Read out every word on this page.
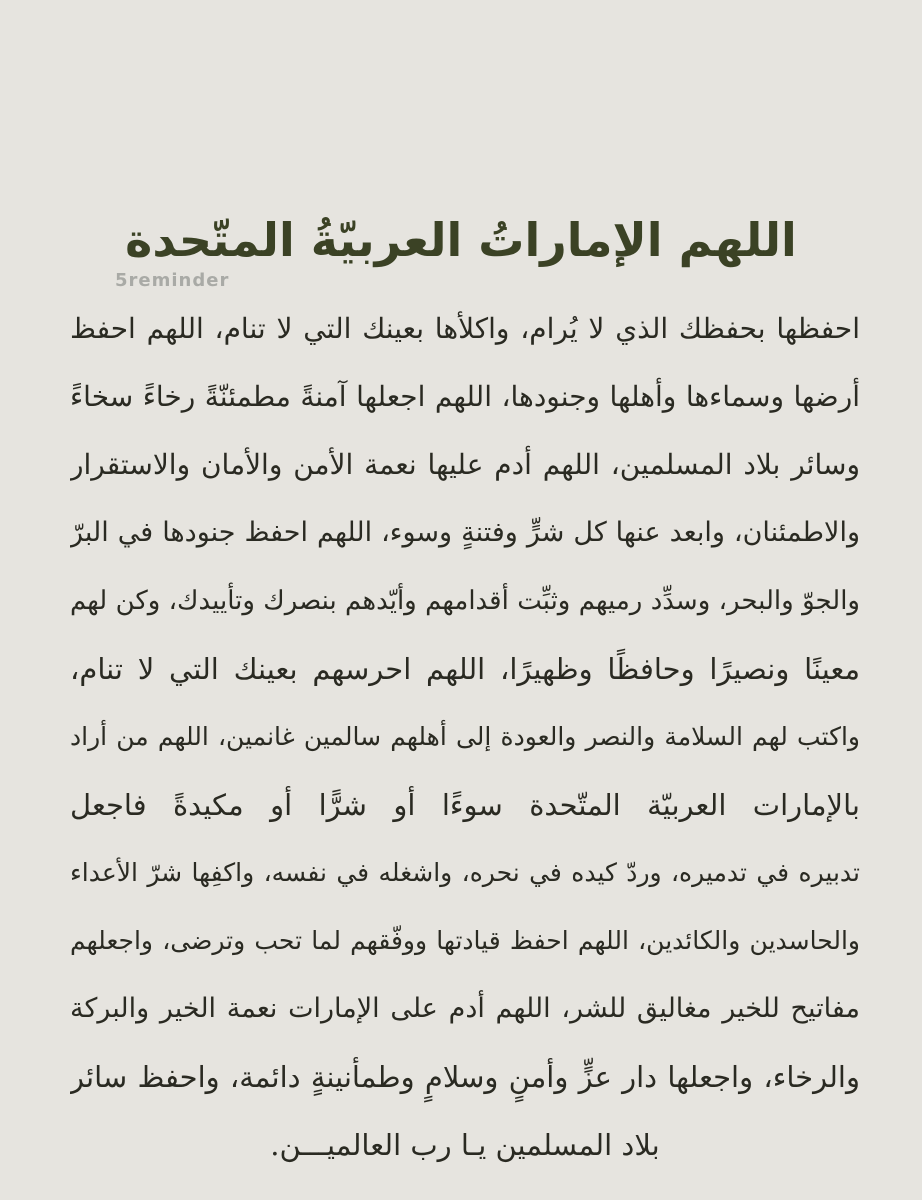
اللهم الإماراتُ العربيّةُ المتّحدة
5reminder
احفظها بحفظك الذي لا يُرام، واكلأها بعينك التي لا تنام، اللهم احفظ
أرضها وسماءها وأهلها وجنودها، اللهم اجعلها آمنةً مطمئنّةً رخاءً سخاءً
وسائر بلاد المسلمين، اللهم أدم عليها نعمة الأمن والأمان والاستقرار
والاطمئنان، وابعد عنها كل شرٍّ وفتنةٍ وسوء، اللهم احفظ جنودها في البرّ
والجوّ والبحر، وسدِّد رميهم وثبِّت أقدامهم وأيّدهم بنصرك وتأييدك، وكن لهم
معينًا ونصيرًا وحافظًا وظهيرًا، اللهم احرسهم بعينك التي لا تنام،
واكتب لهم السلامة والنصر والعودة إلى أهلهم سالمين غانمين، اللهم من أراد
بالإمارات العربيّة المتّحدة سوءًا أو شرًّا أو مكيدةً فاجعل
تدبيره في تدميره، وردّ كيده في نحره، واشغله في نفسه، واكفِها شرّ الأعداء
والحاسدين والكائدين، اللهم احفظ قيادتها ووفّقهم لما تحب وترضى، واجعلهم
مفاتيح للخير مغاليق للشر، اللهم أدم على الإمارات نعمة الخير والبركة
والرخاء، واجعلها دار عزٍّ وأمنٍ وسلامٍ وطمأنينةٍ دائمة، واحفظ سائر
بلاد المسلمين يـا رب العالميـــن.
